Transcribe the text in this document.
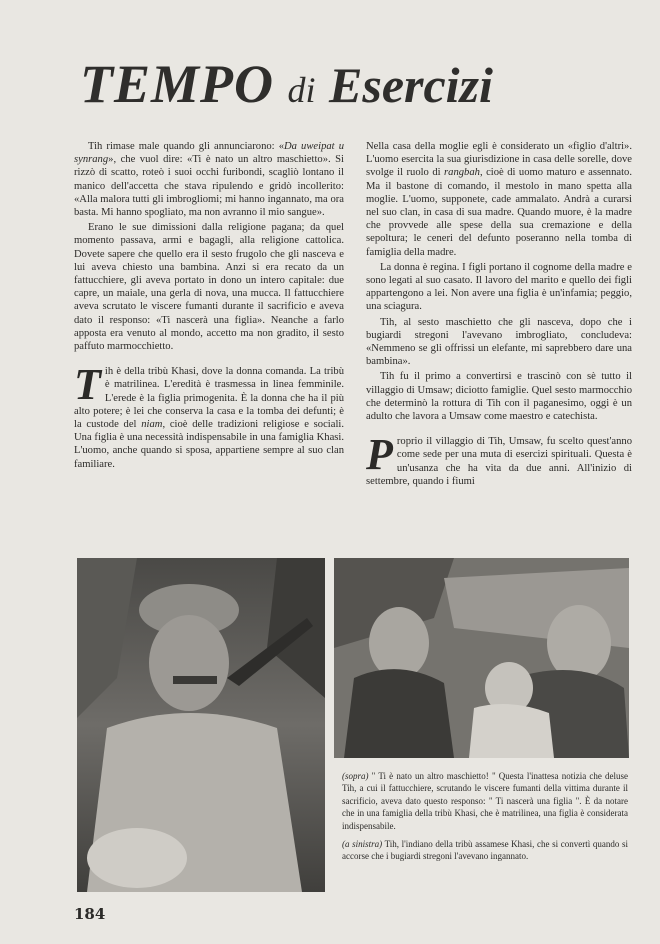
TEMPO di Esercizi

Tih rimase male quando gli annunciarono: «Da uweipat u synrang», che vuol dire: «Ti è nato un altro maschietto». Si rizzò di scatto, roteò i suoi occhi furibondi, scagliò lontano il manico dell'accetta che stava ripulendo e gridò incollerito: «Alla malora tutti gli imbrogliomi; mi hanno ingannato, ma ora basta. Mi hanno spogliato, ma non avranno il mio sangue».

Erano le sue dimissioni dalla religione pagana; da quel momento passava, armi e bagagli, alla religione cattolica. Dovete sapere che quello era il sesto frugolo che gli nasceva e lui aveva chiesto una bambina. Anzi si era recato da un fattucchiere, gli aveva portato in dono un intero capitale: due capre, un maiale, una gerla di nova, una mucca. Il fattucchiere aveva scrutato le viscere fumanti durante il sacrificio e aveva dato il responso: «Ti nascerà una figlia». Neanche a farlo apposta era venuto al mondo, accetto ma non gradito, il sesto paffuto marmocchietto.

Tih è della tribù Khasi, dove la donna comanda. La tribù è matrilinea. L'eredità è trasmessa in linea femminile. L'erede è la figlia primogenita. È la donna che ha il più alto potere; è lei che conserva la casa e la tomba dei defunti; è la custode del niam, cioè delle tradizioni religiose e sociali. Una figlia è una necessità indispensabile in una famiglia Khasi. L'uomo, anche quando si sposa, appartiene sempre al suo clan familiare.

Nella casa della moglie egli è considerato un «figlio d'altri». L'uomo esercita la sua giurisdizione in casa delle sorelle, dove svolge il ruolo di rangbah, cioè di uomo maturo e assennato. Ma il bastone di comando, il mestolo in mano spetta alla moglie. L'uomo, supponete, cade ammalato. Andrà a curarsi nel suo clan, in casa di sua madre. Quando muore, è la madre che provvede alle spese della sua cremazione e della sepoltura; le ceneri del defunto poseranno nella tomba di famiglia della madre.

La donna è regina. I figli portano il cognome della madre e sono legati al suo casato. Il lavoro del marito e quello dei figli appartengono a lei. Non avere una figlia è un'infamia; peggio, una sciagura.

Tih, al sesto maschietto che gli nasceva, dopo che i bugiardi stregoni l'avevano imbrogliato, concludeva: «Nemmeno se gli offrissi un elefante, mi saprebbero dare una bambina».

Tih fu il primo a convertirsi e trascinò con sè tutto il villaggio di Umsaw; diciotto famiglie. Quel sesto marmocchio che determinò la rottura di Tih con il paganesimo, oggi è un adulto che lavora a Umsaw come maestro e catechista.

Proprio il villaggio di Tih, Umsaw, fu scelto quest'anno come sede per una muta di esercizi spirituali. Questa è un'usanza che ha vita da due anni. All'inizio di settembre, quando i fiumi

(sopra) " Ti è nato un altro maschietto! " Questa l'inattesa notizia che deluse Tih, a cui il fattucchiere, scrutando le viscere fumanti della vittima durante il sacrificio, aveva dato questo responso: " Ti nascerà una figlia ". È da notare che in una famiglia della tribù Khasi, che è matrilinea, una figlia è considerata indispensabile.

(a sinistra) Tih, l'indiano della tribù assamese Khasi, che si convertì quando si accorse che i bugiardi stregoni l'avevano ingannato.

184
